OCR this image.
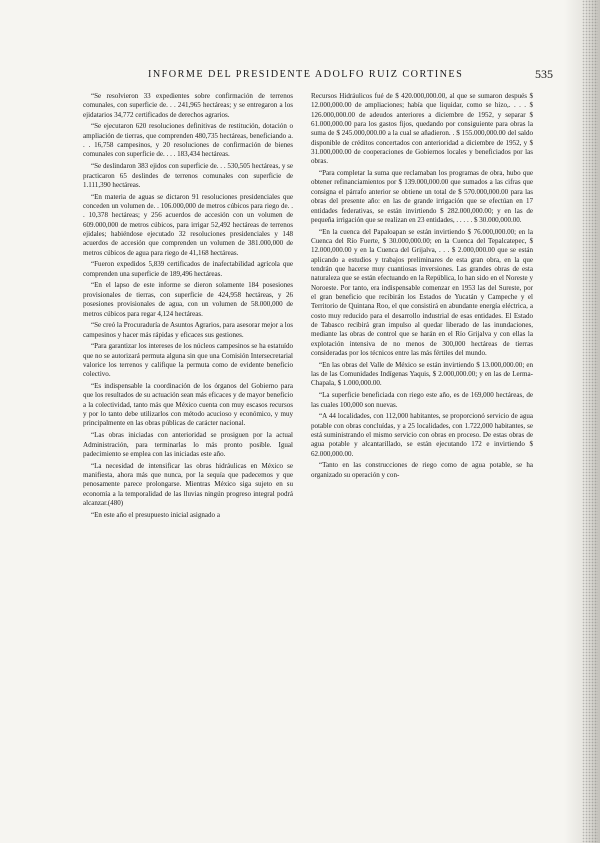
INFORME DEL PRESIDENTE ADOLFO RUIZ CORTINES	535

“Se resolvieron 33 expedientes sobre confirmación de terrenos comunales, con superficie de. . . 241,965 hectáreas; y se entregaron a los ejidatarios 34,772 certificados de derechos agrarios.

“Se ejecutaron 620 resoluciones definitivas de restitución, dotación o ampliación de tierras, que comprenden 480,735 hectáreas, beneficiando a. . . 16,758 campesinos, y 20 resoluciones de confirmación de bienes comunales con superficie de. . . . 183,434 hectáreas.

“Se deslindaron 383 ejidos con superficie de. . . 530,505 hectáreas, y se practicaron 65 deslindes de terrenos comunales con superficie de 1.111,390 hectáreas.

“En materia de aguas se dictaron 91 resoluciones presidenciales que conceden un volumen de. . 106.000,000 de metros cúbicos para riego de. . . 10,378 hectáreas; y 256 acuerdos de accesión con un volumen de 609.000,000 de metros cúbicos, para irrigar 52,492 hectáreas de terrenos ejidales; habiéndose ejecutado 32 resoluciones presidenciales y 148 acuerdos de accesión que comprenden un volumen de 381.000,000 de metros cúbicos de agua para riego de 41,168 hectáreas.

“Fueron expedidos 5,839 certificados de inafectabilidad agrícola que comprenden una superficie de 189,496 hectáreas.

“En el lapso de este informe se dieron solamente 184 posesiones provisionales de tierras, con superficie de 424,958 hectáreas, y 26 posesiones provisionales de agua, con un volumen de 58.000,000 de metros cúbicos para regar 4,124 hectáreas.

“Se creó la Procuraduría de Asuntos Agrarios, para asesorar mejor a los campesinos y hacer más rápidas y eficaces sus gestiones.

“Para garantizar los intereses de los núcleos campesinos se ha estatuído que no se autorizará permuta alguna sin que una Comisión Intersecretarial valorice los terrenos y califique la permuta como de evidente beneficio colectivo.

“Es indispensable la coordinación de los órganos del Gobierno para que los resultados de su actuación sean más eficaces y de mayor beneficio a la colectividad, tanto más que México cuenta con muy escasos recursos y por lo tanto debe utilizarlos con método acucioso y económico, y muy principalmente en las obras públicas de carácter nacional.

“Las obras iniciadas con anterioridad se prosiguen por la actual Administración, para terminarlas lo más pronto posible. Igual padecimiento se emplea con las iniciadas este año.

“La necesidad de intensificar las obras hidráulicas en México se manifiesta, ahora más que nunca, por la sequía que padecemos y que penosamente parece prolongarse. Mientras México siga sujeto en su economía a la temporalidad de las lluvias ningún progreso integral podrá alcanzar.(480)

“En este año el presupuesto inicial asignado a

Recursos Hidráulicos fué de $ 420.000,000.00, al que se sumaron después $ 12.000,000.00 de ampliaciones; había que liquidar, como se hizo,. . . . $ 126.000,000.00 de adeudos anteriores a diciembre de 1952, y separar $ 61.000,000.00 para los gastos fijos, quedando por consiguiente para obras la suma de $ 245.000,000.00 a la cual se añadieron. . $ 155.000,000.00 del saldo disponible de créditos concertados con anterioridad a diciembre de 1952, y $ 31.000,000.00 de cooperaciones de Gobiernos locales y beneficiados por las obras.

“Para completar la suma que reclamaban los programas de obra, hubo que obtener refinanciamientos por $ 139.000,000.00 que sumados a las cifras que consigna el párrafo anterior se obtiene un total de $ 570.000,000.00 para las obras del presente año: en las de grande irrigación que se efectúan en 17 entidades federativas, se están invirtiendo $ 282.000,000.00; y en las de pequeña irrigación que se realizan en 23 entidades, . . . . . $ 30.000,000.00.

“En la cuenca del Papaloapan se están invirtiendo $ 76.000,000.00; en la Cuenca del Río Fuerte, $ 30.000,000.00; en la Cuenca del Tepalcatepec, $ 12.000,000.00 y en la Cuenca del Grijalva, . . . $ 2.000,000.00 que se están aplicando a estudios y trabajos preliminares de esta gran obra, en la que tendrán que hacerse muy cuantiosas inversiones. Las grandes obras de esta naturaleza que se están efectuando en la República, lo han sido en el Noreste y Noroeste. Por tanto, era indispensable comenzar en 1953 las del Sureste, por el gran beneficio que recibirán los Estados de Yucatán y Campeche y el Territorio de Quintana Roo, el que consistirá en abundante energía eléctrica, a costo muy reducido para el desarrollo industrial de esas entidades. El Estado de Tabasco recibirá gran impulso al quedar liberado de las inundaciones, mediante las obras de control que se harán en el Río Grijalva y con ellas la explotación intensiva de no menos de 300,000 hectáreas de tierras consideradas por los técnicos entre las más fértiles del mundo.

“En las obras del Valle de México se están invirtiendo $ 13.000,000.00; en las de las Comunidades Indígenas Yaquis, $ 2.000,000.00; y en las de Lerma-Chapala, $ 1.000,000.00.

“La superficie beneficiada con riego este año, es de 169,000 hectáreas, de las cuales 100,000 son nuevas.

“A 44 localidades, con 112,000 habitantes, se proporcionó servicio de agua potable con obras concluídas, y a 25 localidades, con 1.722,000 habitantes, se está suministrando el mismo servicio con obras en proceso. De estas obras de agua potable y alcantarillado, se están ejecutando 172 e invirtiendo $ 62.000,000.00.

“Tanto en las construcciones de riego como de agua potable, se ha organizado su operación y con-
